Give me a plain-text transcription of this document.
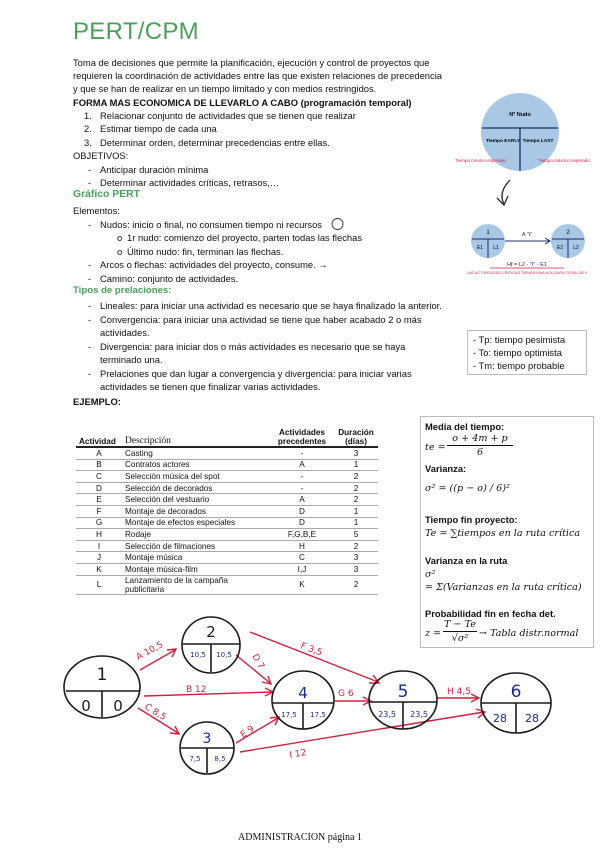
PERT/CPM
Toma de decisiones que permite la planificación, ejecución y control de proyectos que
requieren la coordinación de actividades entre las que existen relaciones de precedencia
y que se han de realizar en un tiempo limitado y con medios restringidos.
FORMA MAS ECONOMICA DE LLEVARLO A CABO (programación temporal)
1. Relacionar conjunto de actividades que se tienen que realizar
2. Estimar tiempo de cada una
3. Determinar orden, determinar precedencias entre ellas.
OBJETIVOS:
- Anticipar duración mínima
- Determinar actividades críticas, retrasos,…
Gráfico PERT
Elementos:
- Nudos: inicio o final, no consumen tiempo ni recursos
o 1r nudo: comienzo del proyecto, parten todas las flechas
o Último nudo: fin, terminan las flechas.
- Arcos o flechas: actividades del proyecto, consume. →
- Camino: conjunto de actividades.
Tipos de prelaciones:
- Lineales: para iniciar una actividad es necesario que se haya finalizado la anterior.
- Convergencia: para iniciar una actividad se tiene que haber acabado 2 o más
actividades.
- Divergencia: para iniciar dos o más actividades es necesario que se haya
terminado una.
- Prelaciones que dan lugar a convergencia y divergencia: para iniciar varias
actividades se tienen que finalizar varias actividades.
EJEMPLO:
- Tp: tiempo pesimista
- To: tiempo optimista
- Tm: tiempo probable
Nº Nudo
Tiempo EARLY Tiempo LAST
Tiempo mínimo esperado	Tiempo máximo esperado
1	2
E1 L1	E2 L2
A "t"
Hf = L2 - "t" - E1
LAS ACTIVIDADES CRITICAS TIENEN UNA HOLGURA TOTAL DE 0
Actividad	Descripción	Actividades precedentes	Duración (días)
A	Casting	-	3
B	Contratos actores	A	1
C	Selección música del spot	-	2
D	Selección de decorados	-	2
E	Selección del vestuario	A	2
F	Montaje de decorados	D	1
G	Montaje de efectos especiales	D	1
H	Rodaje	F,G,B,E	5
I	Selección de filmaciones	H	2
J	Montaje música	C	3
K	Montaje música-film	I,J	3
L	Lanzamiento de la campaña publicitaria	K	2
Media del tiempo:
te =
o + 4m + p
6
Varianza:
σ² = ((p − o) / 6)²
Tiempo fin proyecto:
Te = ∑tiempos en la ruta crítica
Varianza en la ruta
σ²
= Σ(Varianzas en la ruta crítica)
Probabilidad fin en fecha det.
z =
T − Te
√σ²	→ Tabla distr.normal
A 10,5
B 12
C 8,5
D 7
E 9
F 3,5
G 6	H 4,5
I 12
1
0 0
2
10,5 10,5
3
7,5 8,5
4
17,5 17,5
5
23,5 23,5
6
28 28
ADMINISTRACION página 1
